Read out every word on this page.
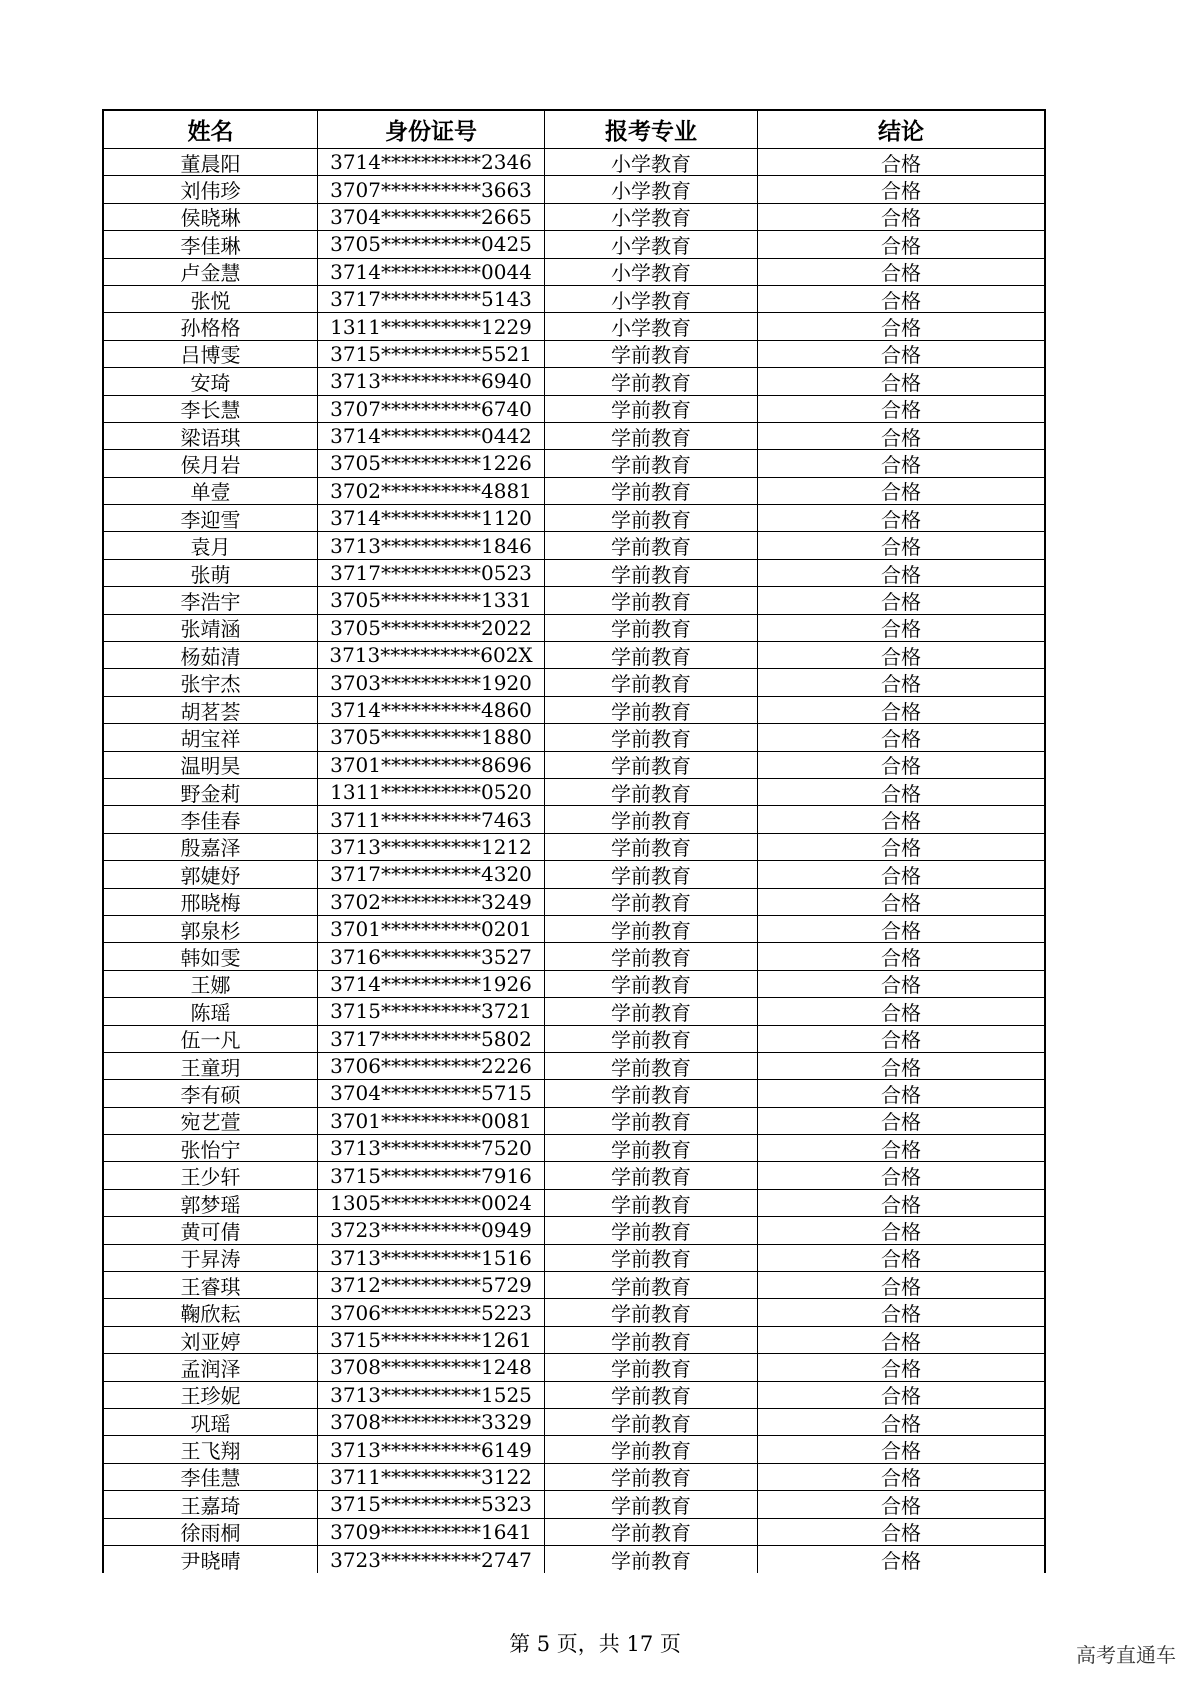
姓名	身份证号	报考专业	结论
董晨阳	3714**********2346	小学教育	合格
刘伟珍	3707**********3663	小学教育	合格
侯晓琳	3704**********2665	小学教育	合格
李佳琳	3705**********0425	小学教育	合格
卢金慧	3714**********0044	小学教育	合格
张悦	3717**********5143	小学教育	合格
孙格格	1311**********1229	小学教育	合格
吕博雯	3715**********5521	学前教育	合格
安琦	3713**********6940	学前教育	合格
李长慧	3707**********6740	学前教育	合格
梁语琪	3714**********0442	学前教育	合格
侯月岩	3705**********1226	学前教育	合格
单壹	3702**********4881	学前教育	合格
李迎雪	3714**********1120	学前教育	合格
袁月	3713**********1846	学前教育	合格
张萌	3717**********0523	学前教育	合格
李浩宇	3705**********1331	学前教育	合格
张靖涵	3705**********2022	学前教育	合格
杨茹清	3713**********602X	学前教育	合格
张宇杰	3703**********1920	学前教育	合格
胡茗荟	3714**********4860	学前教育	合格
胡宝祥	3705**********1880	学前教育	合格
温明昊	3701**********8696	学前教育	合格
野金莉	1311**********0520	学前教育	合格
李佳春	3711**********7463	学前教育	合格
殷嘉泽	3713**********1212	学前教育	合格
郭婕妤	3717**********4320	学前教育	合格
邢晓梅	3702**********3249	学前教育	合格
郭泉杉	3701**********0201	学前教育	合格
韩如雯	3716**********3527	学前教育	合格
王娜	3714**********1926	学前教育	合格
陈瑶	3715**********3721	学前教育	合格
伍一凡	3717**********5802	学前教育	合格
王童玥	3706**********2226	学前教育	合格
李有硕	3704**********5715	学前教育	合格
宛艺萱	3701**********0081	学前教育	合格
张怡宁	3713**********7520	学前教育	合格
王少轩	3715**********7916	学前教育	合格
郭梦瑶	1305**********0024	学前教育	合格
黄可倩	3723**********0949	学前教育	合格
于昇涛	3713**********1516	学前教育	合格
王睿琪	3712**********5729	学前教育	合格
鞠欣耘	3706**********5223	学前教育	合格
刘亚婷	3715**********1261	学前教育	合格
孟润泽	3708**********1248	学前教育	合格
王珍妮	3713**********1525	学前教育	合格
巩瑶	3708**********3329	学前教育	合格
王飞翔	3713**********6149	学前教育	合格
李佳慧	3711**********3122	学前教育	合格
王嘉琦	3715**********5323	学前教育	合格
徐雨桐	3709**********1641	学前教育	合格
尹晓晴	3723**********2747	学前教育	合格
第 5 页，共 17 页	高考直通车
